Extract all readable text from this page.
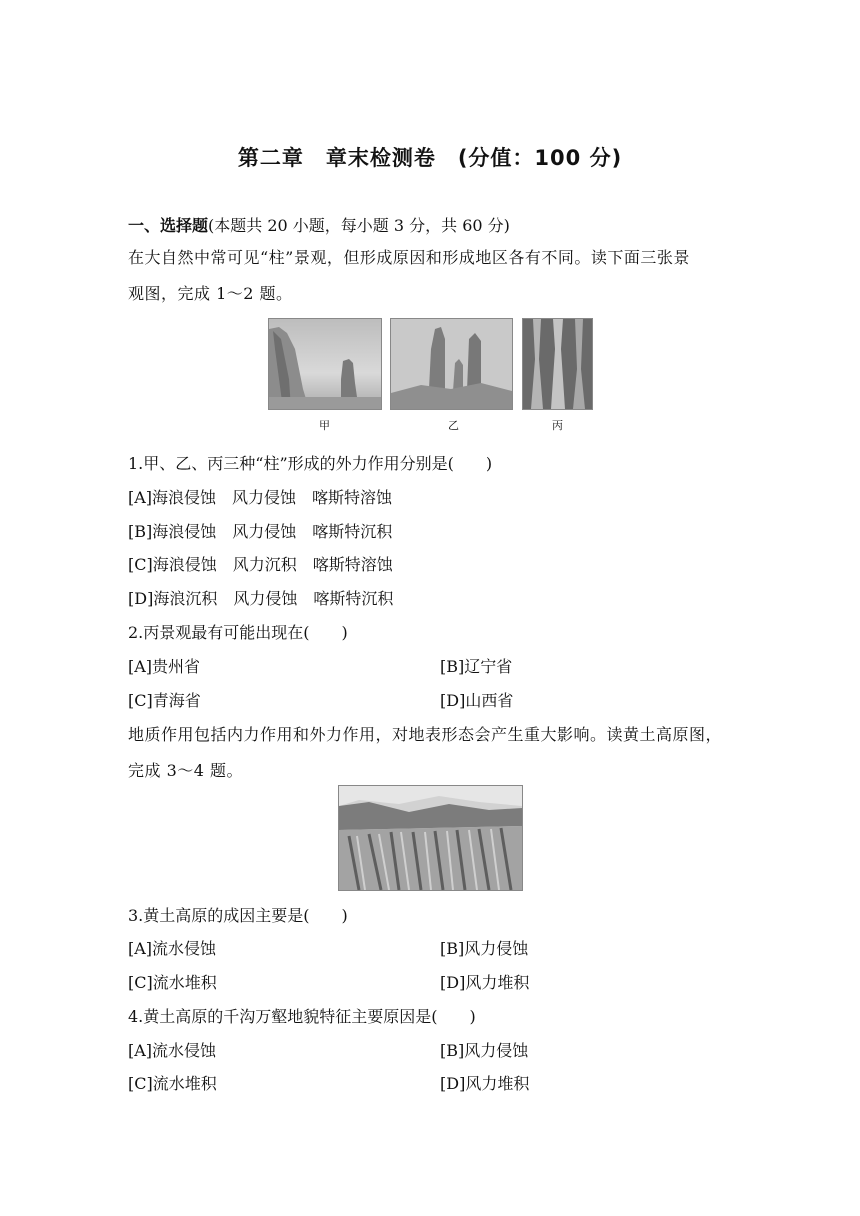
第二章　章末检测卷　(分值：100 分)
一、选择题(本题共 20 小题，每小题 3 分，共 60 分)
在大自然中常可见“柱”景观，但形成原因和形成地区各有不同。读下面三张景
观图，完成 1～2 题。
甲	乙	丙
1.甲、乙、丙三种“柱”形成的外力作用分别是(　　)
[A]海浪侵蚀　风力侵蚀　喀斯特溶蚀
[B]海浪侵蚀　风力侵蚀　喀斯特沉积
[C]海浪侵蚀　风力沉积　喀斯特溶蚀
[D]海浪沉积　风力侵蚀　喀斯特沉积
2.丙景观最有可能出现在(　　)
[A]贵州省	[B]辽宁省
[C]青海省	[D]山西省
地质作用包括内力作用和外力作用，对地表形态会产生重大影响。读黄土高原图，
完成 3～4 题。
3.黄土高原的成因主要是(　　)
[A]流水侵蚀	[B]风力侵蚀
[C]流水堆积	[D]风力堆积
4.黄土高原的千沟万壑地貌特征主要原因是(　　)
[A]流水侵蚀	[B]风力侵蚀
[C]流水堆积	[D]风力堆积
